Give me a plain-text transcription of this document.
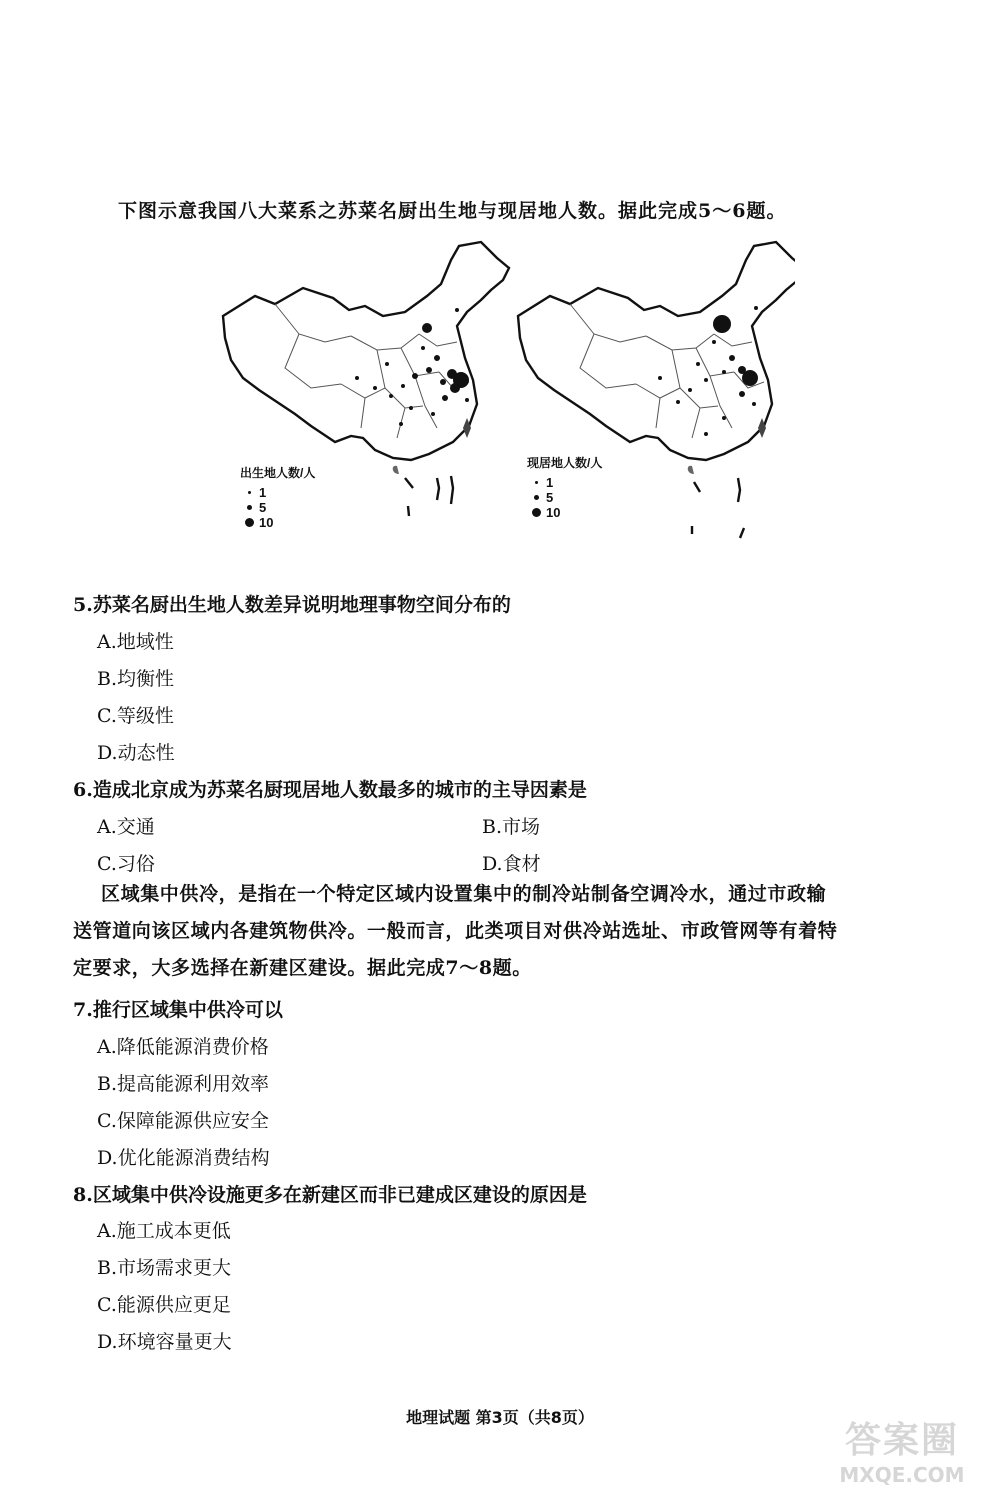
下图示意我国八大菜系之苏菜名厨出生地与现居地人数。据此完成5～6题。
出生地人数/人
1
5
10
现居地人数/人
1
5
10
5.苏菜名厨出生地人数差异说明地理事物空间分布的
A.地域性
B.均衡性
C.等级性
D.动态性
6.造成北京成为苏菜名厨现居地人数最多的城市的主导因素是
A.交通	B.市场
C.习俗	D.食材
区域集中供冷，是指在一个特定区域内设置集中的制冷站制备空调冷水，通过市政输
送管道向该区域内各建筑物供冷。一般而言，此类项目对供冷站选址、市政管网等有着特
定要求，大多选择在新建区建设。据此完成7～8题。
7.推行区域集中供冷可以
A.降低能源消费价格
B.提高能源利用效率
C.保障能源供应安全
D.优化能源消费结构
8.区域集中供冷设施更多在新建区而非已建成区建设的原因是
A.施工成本更低
B.市场需求更大
C.能源供应更足
D.环境容量更大
地理试题 第3页（共8页）
答案圈
MXQE.COM
